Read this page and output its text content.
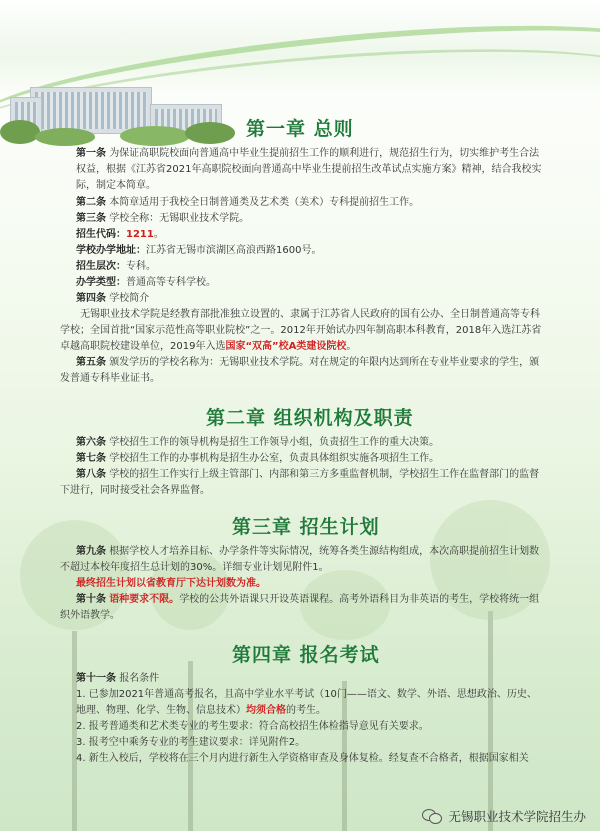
第一章 总则

第一条 为保证高职院校面向普通高中毕业生提前招生工作的顺利进行，规范招生行为，切实维护考生合法权益，根据《江苏省2021年高职院校面向普通高中毕业生提前招生改革试点实施方案》精神，结合我校实际，制定本简章。

第二条 本简章适用于我校全日制普通类及艺术类（美术）专科提前招生工作。

第三条 学校全称：无锡职业技术学院。

招生代码：1211。

学校办学地址：江苏省无锡市滨湖区高浪西路1600号。

招生层次：专科。

办学类型：普通高等专科学校。

第四条 学校简介

无锡职业技术学院是经教育部批准独立设置的、隶属于江苏省人民政府的国有公办、全日制普通高等专科学校；全国首批“国家示范性高等职业院校”之一。2012年开始试办四年制高职本科教育，2018年入选江苏省卓越高职院校建设单位，2019年入选国家“双高”校A类建设院校。

第五条 颁发学历的学校名称为：无锡职业技术学院。对在规定的年限内达到所在专业毕业要求的学生，颁发普通专科毕业证书。

第二章 组织机构及职责

第六条 学校招生工作的领导机构是招生工作领导小组，负责招生工作的重大决策。

第七条 学校招生工作的办事机构是招生办公室，负责具体组织实施各项招生工作。

第八条 学校的招生工作实行上级主管部门、内部和第三方多重监督机制，学校招生工作在监督部门的监督下进行，同时接受社会各界监督。

第三章 招生计划

第九条 根据学校人才培养目标、办学条件等实际情况，统筹各类生源结构组成，本次高职提前招生计划数不超过本校年度招生总计划的30%。详细专业计划见附件1。

最终招生计划以省教育厅下达计划数为准。

第十条 语种要求不限。学校的公共外语课只开设英语课程。高考外语科目为非英语的考生，学校将统一组织外语教学。

第四章 报名考试

第十一条 报名条件

1. 已参加2021年普通高考报名，且高中学业水平考试（10门——语文、数学、外语、思想政治、历史、地理、物理、化学、生物、信息技术）均须合格的考生。

2. 报考普通类和艺术类专业的考生要求：符合高校招生体检指导意见有关要求。

3. 报考空中乘务专业的考生建议要求：详见附件2。

4. 新生入校后，学校将在三个月内进行新生入学资格审查及身体复检。经复查不合格者，根据国家相关

无锡职业技术学院招生办
